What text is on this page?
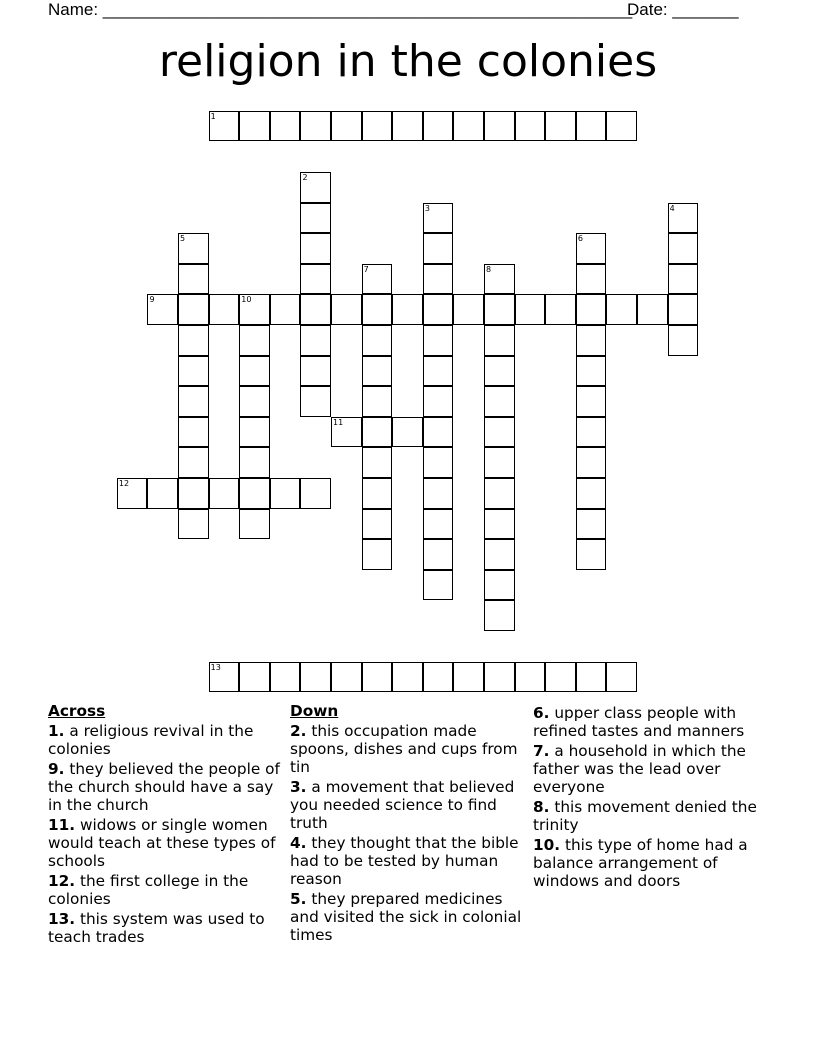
Name: ________________________________________________________
Date: _______
religion in the colonies
1
2
3	4
5	6
7	8
9	10
11
12
13
Across
1. a religious revival in the colonies
9. they believed the people of the church should have a say in the church
11. widows or single women would teach at these types of schools
12. the first college in the colonies
13. this system was used to teach trades
Down
2. this occupation made spoons, dishes and cups from tin
3. a movement that believed you needed science to find truth
4. they thought that the bible had to be tested by human reason
5. they prepared medicines and visited the sick in colonial times
6. upper class people with refined tastes and manners
7. a household in which the father was the lead over everyone
8. this movement denied the trinity
10. this type of home had a balance arrangement of windows and doors
